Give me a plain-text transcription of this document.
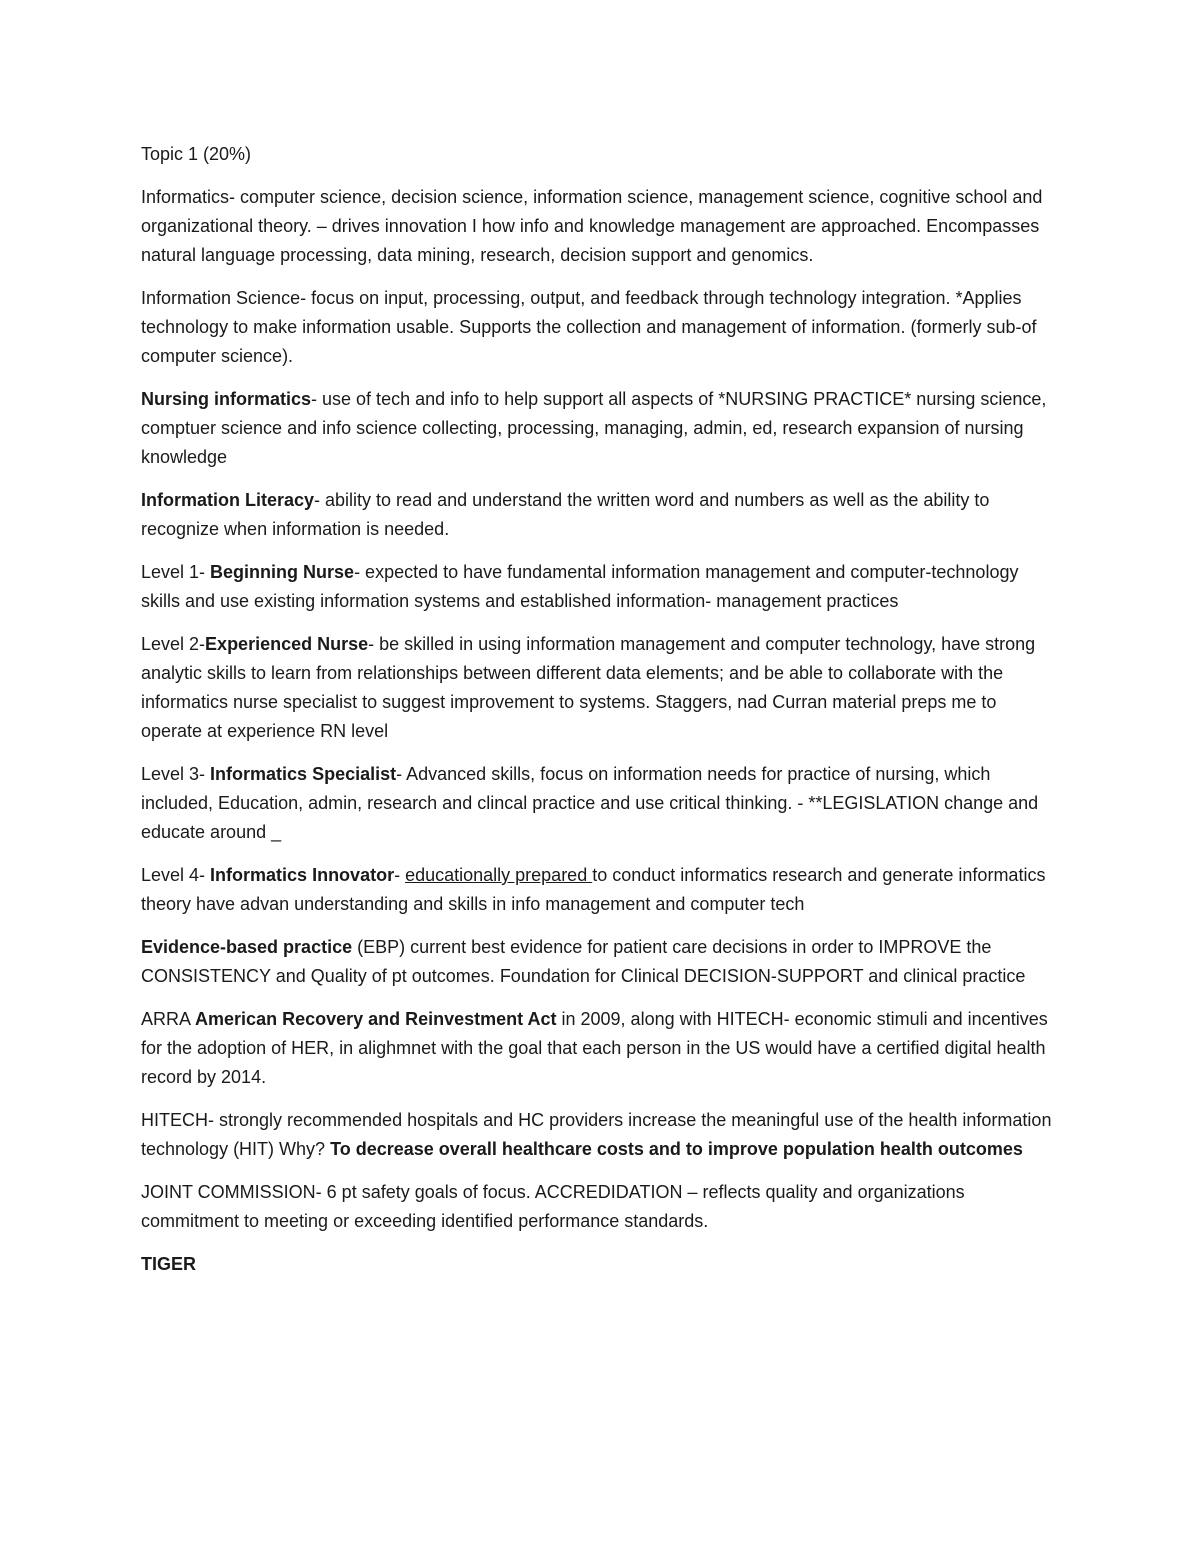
Topic 1 (20%)

Informatics- computer science, decision science, information science, management science, cognitive school and organizational theory. – drives innovation I how info and knowledge management are approached. Encompasses natural language processing, data mining, research, decision support and genomics.

Information Science- focus on input, processing, output, and feedback through technology integration. *Applies technology to make information usable. Supports the collection and management of information. (formerly sub-of computer science).

Nursing informatics- use of tech and info to help support all aspects of *NURSING PRACTICE* nursing science, comptuer science and info science collecting, processing, managing, admin, ed, research expansion of nursing knowledge

Information Literacy- ability to read and understand the written word and numbers as well as the ability to recognize when information is needed.

Level 1- Beginning Nurse- expected to have fundamental information management and computer-technology skills and use existing information systems and established information- management practices

Level 2-Experienced Nurse- be skilled in using information management and computer technology, have strong analytic skills to learn from relationships between different data elements; and be able to collaborate with the informatics nurse specialist to suggest improvement to systems. Staggers, nad Curran material preps me to operate at experience RN level

Level 3- Informatics Specialist- Advanced skills, focus on information needs for practice of nursing, which included, Education, admin, research and clincal practice and use critical thinking. - **LEGISLATION change and educate around _

Level 4- Informatics Innovator- educationally prepared to conduct informatics research and generate informatics theory have advan understanding and skills in info management and computer tech

Evidence-based practice (EBP) current best evidence for patient care decisions in order to IMPROVE the CONSISTENCY and Quality of pt outcomes. Foundation for Clinical DECISION-SUPPORT and clinical practice

ARRA American Recovery and Reinvestment Act in 2009, along with HITECH- economic stimuli and incentives for the adoption of HER, in alighmnet with the goal that each person in the US would have a certified digital health record by 2014.

HITECH- strongly recommended hospitals and HC providers increase the meaningful use of the health information technology (HIT) Why? To decrease overall healthcare costs and to improve population health outcomes

JOINT COMMISSION- 6 pt safety goals of focus. ACCREDIDATION – reflects quality and organizations commitment to meeting or exceeding identified performance standards.

TIGER
